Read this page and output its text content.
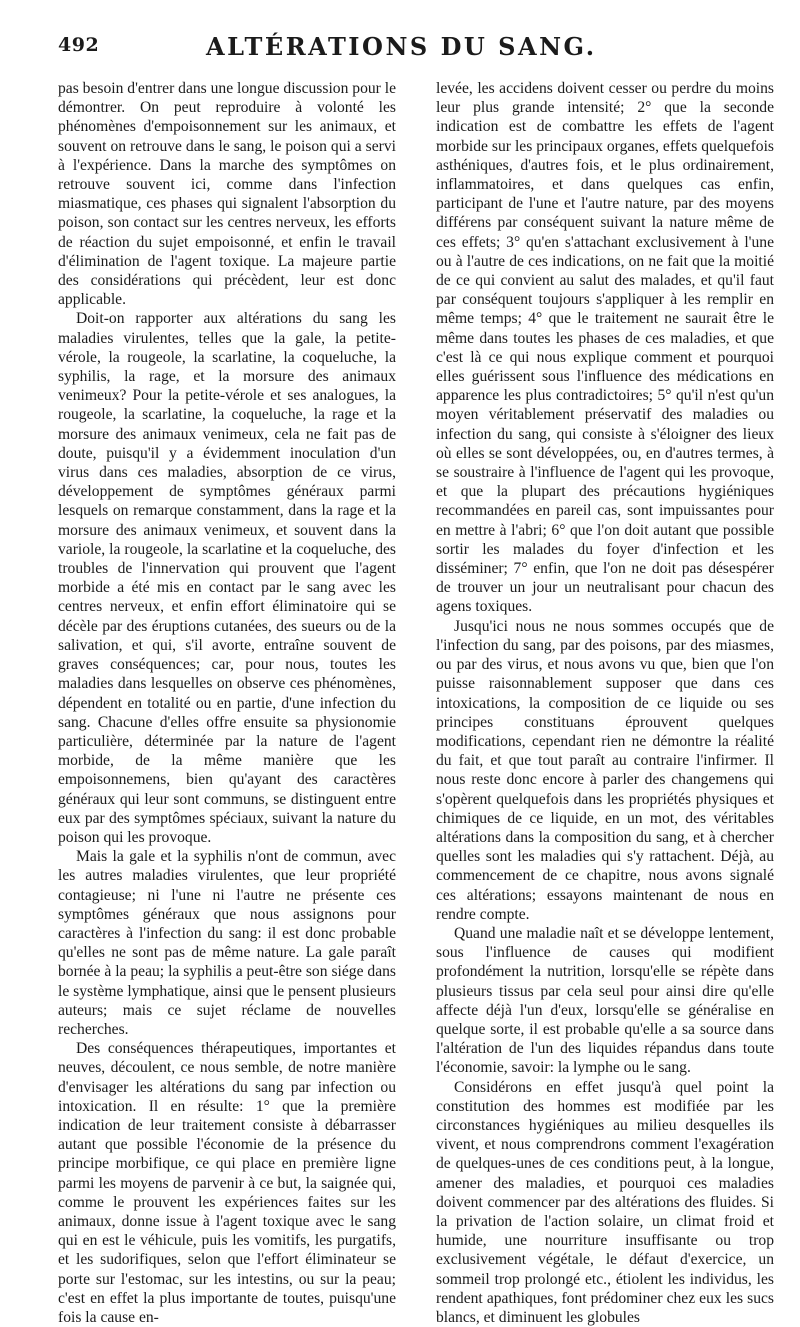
492	ALTÉRATIONS DU SANG.

pas besoin d'entrer dans une longue discussion pour le démontrer. On peut reproduire à volonté les phénomènes d'empoisonnement sur les animaux, et souvent on retrouve dans le sang, le poison qui a servi à l'expérience. Dans la marche des symptômes on retrouve souvent ici, comme dans l'infection miasmatique, ces phases qui signalent l'absorption du poison, son contact sur les centres nerveux, les efforts de réaction du sujet empoisonné, et enfin le travail d'élimination de l'agent toxique. La majeure partie des considérations qui précèdent, leur est donc applicable.

Doit-on rapporter aux altérations du sang les maladies virulentes, telles que la gale, la petite-vérole, la rougeole, la scarlatine, la coqueluche, la syphilis, la rage, et la morsure des animaux venimeux? Pour la petite-vérole et ses analogues, la rougeole, la scarlatine, la coqueluche, la rage et la morsure des animaux venimeux, cela ne fait pas de doute, puisqu'il y a évidemment inoculation d'un virus dans ces maladies, absorption de ce virus, développement de symptômes généraux parmi lesquels on remarque constamment, dans la rage et la morsure des animaux venimeux, et souvent dans la variole, la rougeole, la scarlatine et la coqueluche, des troubles de l'innervation qui prouvent que l'agent morbide a été mis en contact par le sang avec les centres nerveux, et enfin effort éliminatoire qui se décèle par des éruptions cutanées, des sueurs ou de la salivation, et qui, s'il avorte, entraîne souvent de graves conséquences; car, pour nous, toutes les maladies dans lesquelles on observe ces phénomènes, dépendent en totalité ou en partie, d'une infection du sang. Chacune d'elles offre ensuite sa physionomie particulière, déterminée par la nature de l'agent morbide, de la même manière que les empoisonnemens, bien qu'ayant des caractères généraux qui leur sont communs, se distinguent entre eux par des symptômes spéciaux, suivant la nature du poison qui les provoque.

Mais la gale et la syphilis n'ont de commun, avec les autres maladies virulentes, que leur propriété contagieuse; ni l'une ni l'autre ne présente ces symptômes généraux que nous assignons pour caractères à l'infection du sang: il est donc probable qu'elles ne sont pas de même nature. La gale paraît bornée à la peau; la syphilis a peut-être son siége dans le système lymphatique, ainsi que le pensent plusieurs auteurs; mais ce sujet réclame de nouvelles recherches.

Des conséquences thérapeutiques, importantes et neuves, découlent, ce nous semble, de notre manière d'envisager les altérations du sang par infection ou intoxication. Il en résulte: 1° que la première indication de leur traitement consiste à débarrasser autant que possible l'économie de la présence du principe morbifique, ce qui place en première ligne parmi les moyens de parvenir à ce but, la saignée qui, comme le prouvent les expériences faites sur les animaux, donne issue à l'agent toxique avec le sang qui en est le véhicule, puis les vomitifs, les purgatifs, et les sudorifiques, selon que l'effort éliminateur se porte sur l'estomac, sur les intestins, ou sur la peau; c'est en effet la plus importante de toutes, puisqu'une fois la cause en-

levée, les accidens doivent cesser ou perdre du moins leur plus grande intensité; 2° que la seconde indication est de combattre les effets de l'agent morbide sur les principaux organes, effets quelquefois asthéniques, d'autres fois, et le plus ordinairement, inflammatoires, et dans quelques cas enfin, participant de l'une et l'autre nature, par des moyens différens par conséquent suivant la nature même de ces effets; 3° qu'en s'attachant exclusivement à l'une ou à l'autre de ces indications, on ne fait que la moitié de ce qui convient au salut des malades, et qu'il faut par conséquent toujours s'appliquer à les remplir en même temps; 4° que le traitement ne saurait être le même dans toutes les phases de ces maladies, et que c'est là ce qui nous explique comment et pourquoi elles guérissent sous l'influence des médications en apparence les plus contradictoires; 5° qu'il n'est qu'un moyen véritablement préservatif des maladies ou infection du sang, qui consiste à s'éloigner des lieux où elles se sont développées, ou, en d'autres termes, à se soustraire à l'influence de l'agent qui les provoque, et que la plupart des précautions hygiéniques recommandées en pareil cas, sont impuissantes pour en mettre à l'abri; 6° que l'on doit autant que possible sortir les malades du foyer d'infection et les disséminer; 7° enfin, que l'on ne doit pas désespérer de trouver un jour un neutralisant pour chacun des agens toxiques.

Jusqu'ici nous ne nous sommes occupés que de l'infection du sang, par des poisons, par des miasmes, ou par des virus, et nous avons vu que, bien que l'on puisse raisonnablement supposer que dans ces intoxications, la composition de ce liquide ou ses principes constituans éprouvent quelques modifications, cependant rien ne démontre la réalité du fait, et que tout paraît au contraire l'infirmer. Il nous reste donc encore à parler des changemens qui s'opèrent quelquefois dans les propriétés physiques et chimiques de ce liquide, en un mot, des véritables altérations dans la composition du sang, et à chercher quelles sont les maladies qui s'y rattachent. Déjà, au commencement de ce chapitre, nous avons signalé ces altérations; essayons maintenant de nous en rendre compte.

Quand une maladie naît et se développe lentement, sous l'influence de causes qui modifient profondément la nutrition, lorsqu'elle se répète dans plusieurs tissus par cela seul pour ainsi dire qu'elle affecte déjà l'un d'eux, lorsqu'elle se généralise en quelque sorte, il est probable qu'elle a sa source dans l'altération de l'un des liquides répandus dans toute l'économie, savoir: la lymphe ou le sang.

Considérons en effet jusqu'à quel point la constitution des hommes est modifiée par les circonstances hygiéniques au milieu desquelles ils vivent, et nous comprendrons comment l'exagération de quelques-unes de ces conditions peut, à la longue, amener des maladies, et pourquoi ces maladies doivent commencer par des altérations des fluides. Si la privation de l'action solaire, un climat froid et humide, une nourriture insuffisante ou trop exclusivement végétale, le défaut d'exercice, un sommeil trop prolongé etc., étiolent les individus, les rendent apathiques, font prédominer chez eux les sucs blancs, et diminuent les globules
